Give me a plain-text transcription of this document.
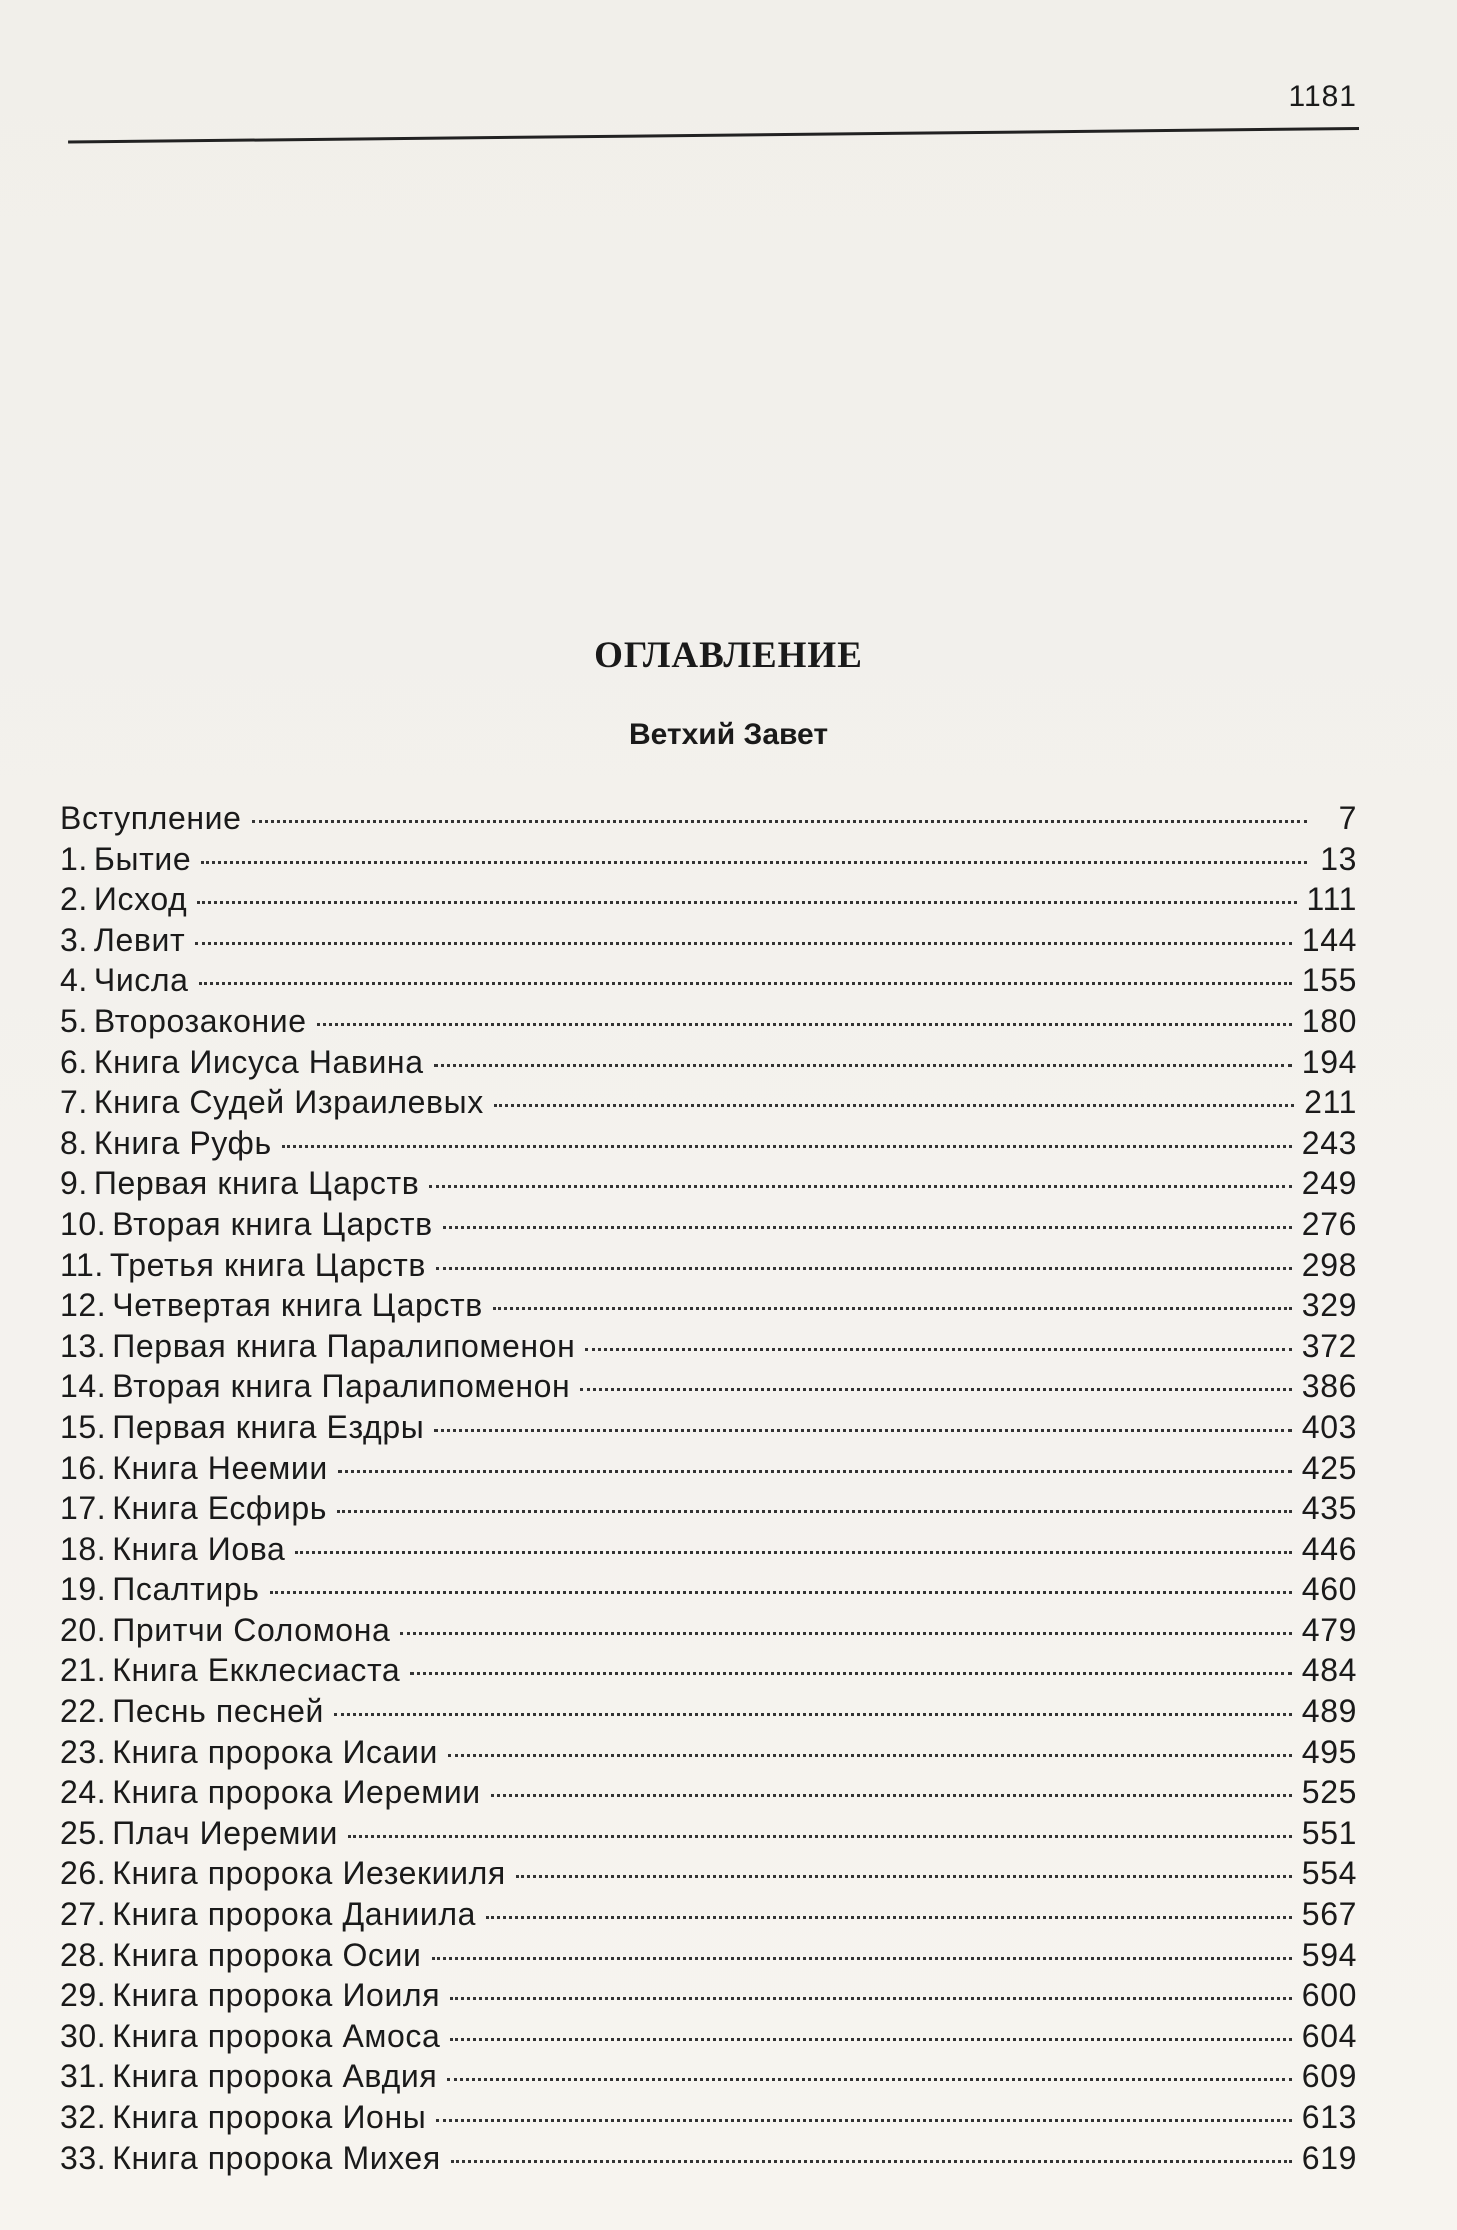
1181
ОГЛАВЛЕНИЕ
Ветхий Завет
Вступление	7
1. Бытие	13
2. Исход	111
3. Левит	144
4. Числа	155
5. Второзаконие	180
6. Книга Иисуса Навина	194
7. Книга Судей Израилевых	211
8. Книга Руфь	243
9. Первая книга Царств	249
10. Вторая книга Царств	276
11. Третья книга Царств	298
12. Четвертая книга Царств	329
13. Первая книга Паралипоменон	372
14. Вторая книга Паралипоменон	386
15. Первая книга Ездры	403
16. Книга Неемии	425
17. Книга Есфирь	435
18. Книга Иова	446
19. Псалтирь	460
20. Притчи Соломона	479
21. Книга Екклесиаста	484
22. Песнь песней	489
23. Книга пророка Исаии	495
24. Книга пророка Иеремии	525
25. Плач Иеремии	551
26. Книга пророка Иезекииля	554
27. Книга пророка Даниила	567
28. Книга пророка Осии	594
29. Книга пророка Иоиля	600
30. Книга пророка Амоса	604
31. Книга пророка Авдия	609
32. Книга пророка Ионы	613
33. Книга пророка Михея	619
